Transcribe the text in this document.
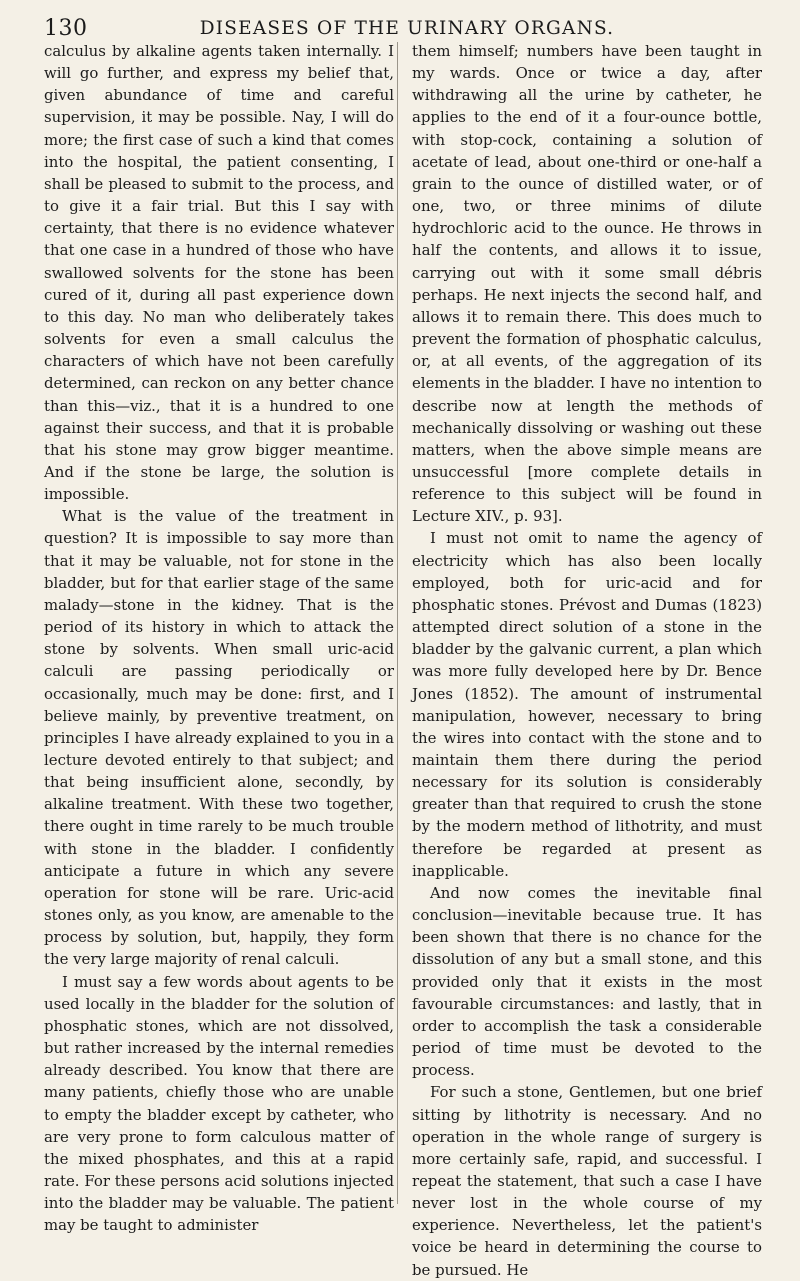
130	DISEASES OF THE URINARY ORGANS.

calculus by alkaline agents taken internally. I will go further, and express my belief that, given abundance of time and careful supervision, it may be possible. Nay, I will do more; the first case of such a kind that comes into the hospital, the patient consenting, I shall be pleased to submit to the process, and to give it a fair trial. But this I say with certainty, that there is no evidence whatever that one case in a hundred of those who have swallowed solvents for the stone has been cured of it, during all past experience down to this day. No man who deliberately takes solvents for even a small calculus the characters of which have not been carefully determined, can reckon on any better chance than this—viz., that it is a hundred to one against their success, and that it is probable that his stone may grow bigger meantime. And if the stone be large, the solution is impossible.

What is the value of the treatment in question? It is impossible to say more than that it may be valuable, not for stone in the bladder, but for that earlier stage of the same malady—stone in the kidney. That is the period of its history in which to attack the stone by solvents. When small uric-acid calculi are passing periodically or occasionally, much may be done: first, and I believe mainly, by preventive treatment, on principles I have already explained to you in a lecture devoted entirely to that subject; and that being insufficient alone, secondly, by alkaline treatment. With these two together, there ought in time rarely to be much trouble with stone in the bladder. I confidently anticipate a future in which any severe operation for stone will be rare. Uric-acid stones only, as you know, are amenable to the process by solution, but, happily, they form the very large majority of renal calculi.

I must say a few words about agents to be used locally in the bladder for the solution of phosphatic stones, which are not dissolved, but rather increased by the internal remedies already described. You know that there are many patients, chiefly those who are unable to empty the bladder except by catheter, who are very prone to form calculous matter of the mixed phosphates, and this at a rapid rate. For these persons acid solutions injected into the bladder may be valuable. The patient may be taught to administer

them himself; numbers have been taught in my wards. Once or twice a day, after withdrawing all the urine by catheter, he applies to the end of it a four-ounce bottle, with stop-cock, containing a solution of acetate of lead, about one-third or one-half a grain to the ounce of distilled water, or of one, two, or three minims of dilute hydrochloric acid to the ounce. He throws in half the contents, and allows it to issue, carrying out with it some small débris perhaps. He next injects the second half, and allows it to remain there. This does much to prevent the formation of phosphatic calculus, or, at all events, of the aggregation of its elements in the bladder. I have no intention to describe now at length the methods of mechanically dissolving or washing out these matters, when the above simple means are unsuccessful [more complete details in reference to this subject will be found in Lecture XIV., p. 93].

I must not omit to name the agency of electricity which has also been locally employed, both for uric-acid and for phosphatic stones. Prévost and Dumas (1823) attempted direct solution of a stone in the bladder by the galvanic current, a plan which was more fully developed here by Dr. Bence Jones (1852). The amount of instrumental manipulation, however, necessary to bring the wires into contact with the stone and to maintain them there during the period necessary for its solution is considerably greater than that required to crush the stone by the modern method of lithotrity, and must therefore be regarded at present as inapplicable.

And now comes the inevitable final conclusion—inevitable because true. It has been shown that there is no chance for the dissolution of any but a small stone, and this provided only that it exists in the most favourable circumstances: and lastly, that in order to accomplish the task a considerable period of time must be devoted to the process.

For such a stone, Gentlemen, but one brief sitting by lithotrity is necessary. And no operation in the whole range of surgery is more certainly safe, rapid, and successful. I repeat the statement, that such a case I have never lost in the whole course of my experience. Nevertheless, let the patient's voice be heard in determining the course to be pursued. He
